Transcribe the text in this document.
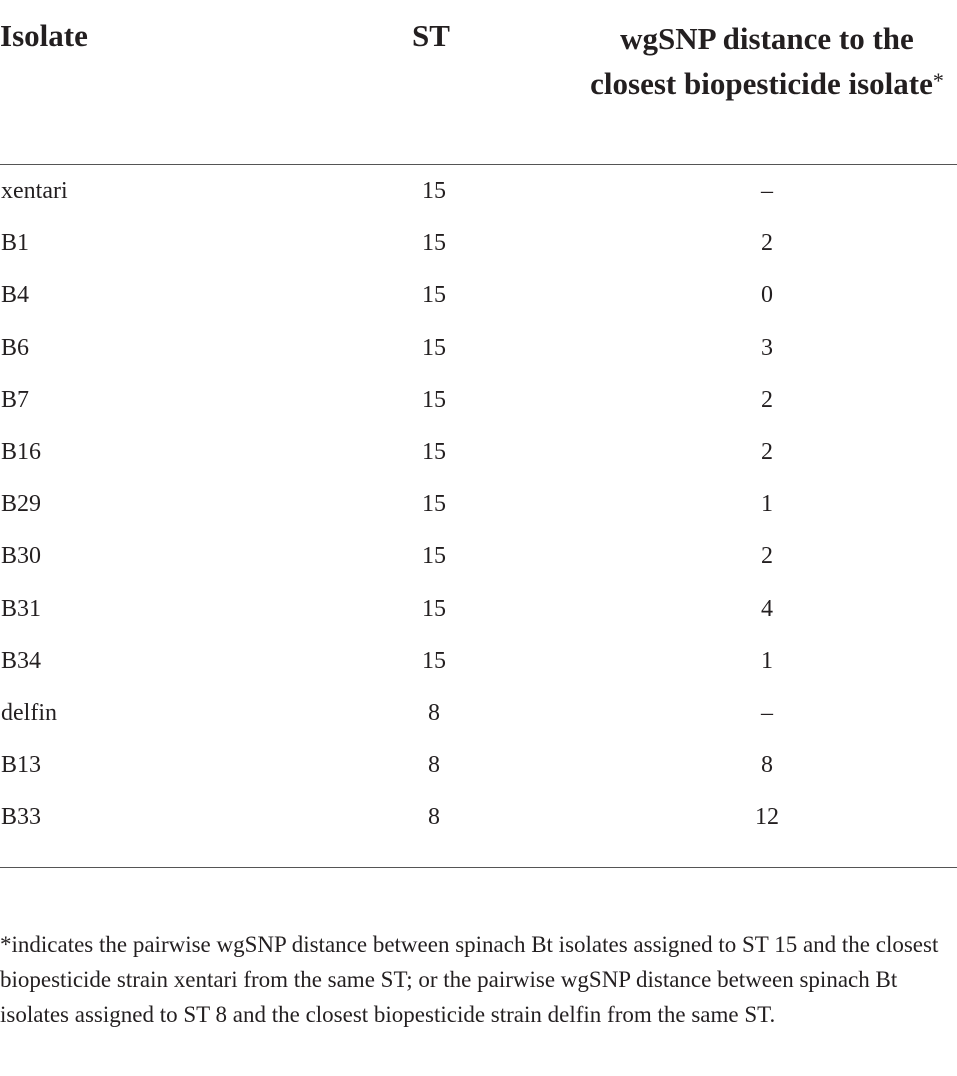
Isolate	ST	wgSNP distance to the closest biopesticide isolate*
xentari	15	–
B1	15	2
B4	15	0
B6	15	3
B7	15	2
B16	15	2
B29	15	1
B30	15	2
B31	15	4
B34	15	1
delfin	8	–
B13	8	8
B33	8	12
*indicates the pairwise wgSNP distance between spinach Bt isolates assigned to ST 15 and the closest biopesticide strain xentari from the same ST; or the pairwise wgSNP distance between spinach Bt isolates assigned to ST 8 and the closest biopesticide strain delfin from the same ST.
